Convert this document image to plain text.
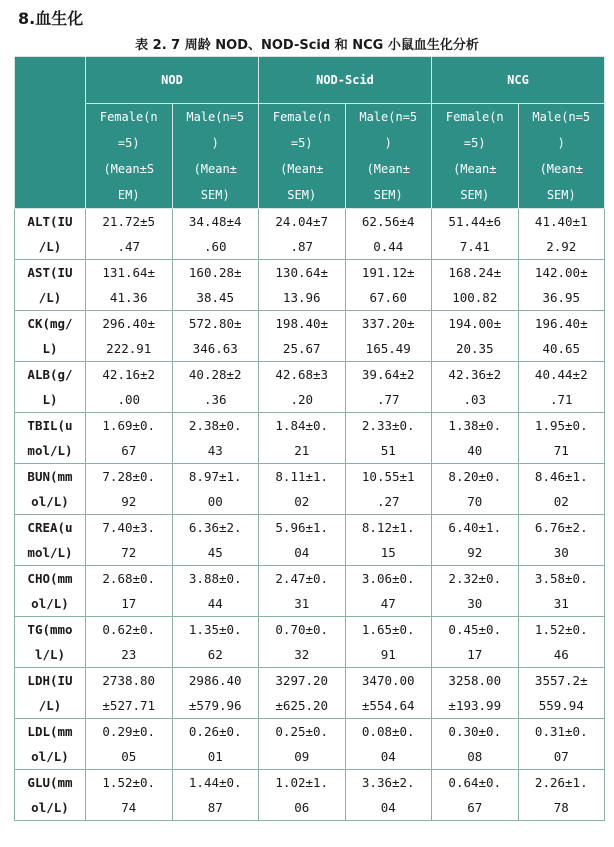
8.血生化
表 2. 7 周龄 NOD、NOD-Scid 和 NCG 小鼠血生化分析
	NOD		NOD-Scid		NCG	

	Female(n
=5)
(Mean±S
EM)	Male(n=5
)
(Mean±
SEM)	Female(n
=5)
(Mean±
SEM)	Male(n=5
)
(Mean±
SEM)	Female(n
=5)
(Mean±
SEM)	Male(n=5
)
(Mean±
SEM)

ALT(IU
/L)	21.72±5
.47	34.48±4
.60	24.04±7
.87	62.56±4
0.44	51.44±6
7.41	41.40±1
2.92

AST(IU
/L)	131.64±
41.36	160.28±
38.45	130.64±
13.96	191.12±
67.60	168.24±
100.82	142.00±
36.95

CK(mg/
L)	296.40±
222.91	572.80±
346.63	198.40±
25.67	337.20±
165.49	194.00±
20.35	196.40±
40.65

ALB(g/
L)	42.16±2
.00	40.28±2
.36	42.68±3
.20	39.64±2
.77	42.36±2
.03	40.44±2
.71

TBIL(u
mol/L)	1.69±0.
67	2.38±0.
43	1.84±0.
21	2.33±0.
51	1.38±0.
40	1.95±0.
71

BUN(mm
ol/L)	7.28±0.
92	8.97±1.
00	8.11±1.
02	10.55±1
.27	8.20±0.
70	8.46±1.
02

CREA(u
mol/L)	7.40±3.
72	6.36±2.
45	5.96±1.
04	8.12±1.
15	6.40±1.
92	6.76±2.
30

CHO(mm
ol/L)	2.68±0.
17	3.88±0.
44	2.47±0.
31	3.06±0.
47	2.32±0.
30	3.58±0.
31

TG(mmo
l/L)	0.62±0.
23	1.35±0.
62	0.70±0.
32	1.65±0.
91	0.45±0.
17	1.52±0.
46

LDH(IU
/L)	2738.80
±527.71	2986.40
±579.96	3297.20
±625.20	3470.00
±554.64	3258.00
±193.99	3557.2±
559.94

LDL(mm
ol/L)	0.29±0.
05	0.26±0.
01	0.25±0.
09	0.08±0.
04	0.30±0.
08	0.31±0.
07

GLU(mm
ol/L)	1.52±0.
74	1.44±0.
87	1.02±1.
06	3.36±2.
04	0.64±0.
67	2.26±1.
78
